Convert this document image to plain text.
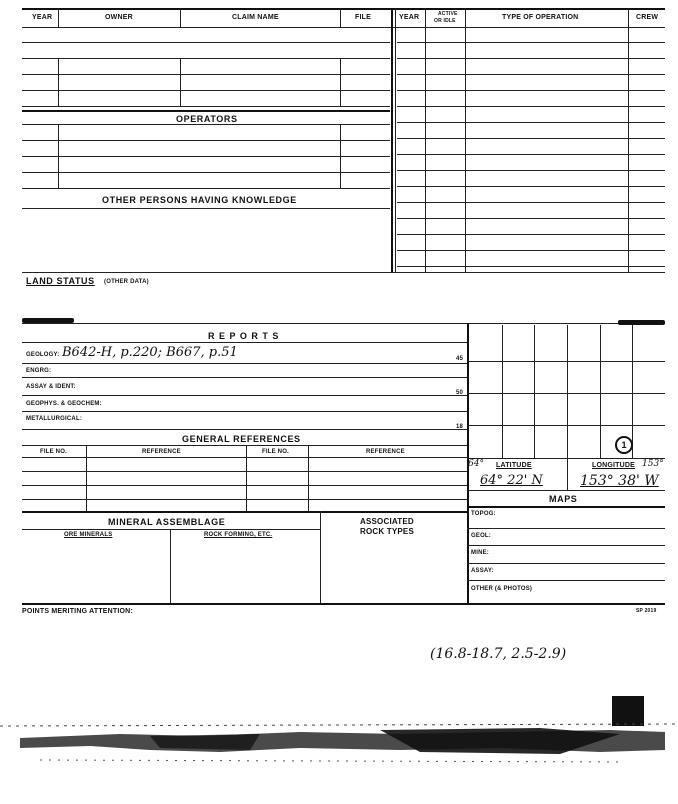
YEAR	OWNER	CLAIM NAME	FILE	YEAR	ACTIVE
OR IDLE	TYPE OF OPERATION	CREW
OPERATORS
OTHER PERSONS HAVING KNOWLEDGE
LAND STATUS (OTHER DATA)
R E P O R T S
GEOLOGY: B642-H, p.220; B667, p.51	45
ENGRG:
ASSAY & IDENT:
50
GEOPHYS. & GEOCHEM:
METALLURGICAL:
18
GENERAL REFERENCES
FILE NO.	REFERENCE	FILE NO.	REFERENCE
MINERAL ASSEMBLAGE	ASSOCIATED
ROCK TYPES
ORE MINERALS	ROCK FORMING, ETC.
1
64° LATITUDE	LONGITUDE 153°
64° 22' N	153° 38' W
MAPS
TOPOG:
GEOL:
MINE:
ASSAY:
OTHER (& PHOTOS)
POINTS MERITING ATTENTION:	SP 2019
(16.8-18.7, 2.5-2.9)
